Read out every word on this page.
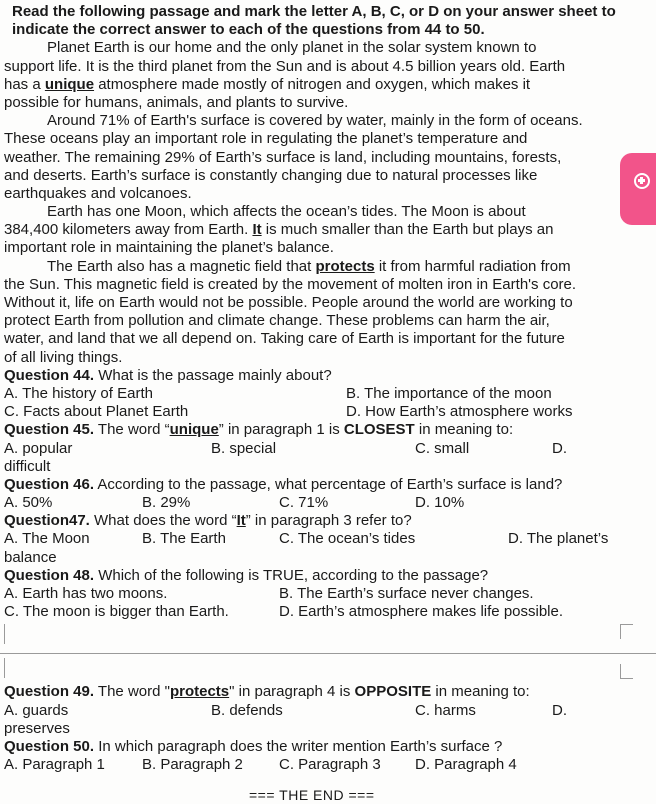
Read the following passage and mark the letter A, B, C, or D on your answer sheet to
indicate the correct answer to each of the questions from 44 to 50.
Planet Earth is our home and the only planet in the solar system known to
support life. It is the third planet from the Sun and is about 4.5 billion years old. Earth
has a unique atmosphere made mostly of nitrogen and oxygen, which makes it
possible for humans, animals, and plants to survive.
Around 71% of Earth's surface is covered by water, mainly in the form of oceans.
These oceans play an important role in regulating the planet’s temperature and
weather. The remaining 29% of Earth’s surface is land, including mountains, forests,
and deserts. Earth’s surface is constantly changing due to natural processes like
earthquakes and volcanoes.
Earth has one Moon, which affects the ocean’s tides. The Moon is about
384,400 kilometers away from Earth. It is much smaller than the Earth but plays an
important role in maintaining the planet’s balance.
The Earth also has a magnetic field that protects it from harmful radiation from
the Sun. This magnetic field is created by the movement of molten iron in Earth's core.
Without it, life on Earth would not be possible. People around the world are working to
protect Earth from pollution and climate change. These problems can harm the air,
water, and land that we all depend on. Taking care of Earth is important for the future
of all living things.
Question 44. What is the passage mainly about?
A. The history of Earth	B. The importance of the moon
C. Facts about Planet Earth	D. How Earth’s atmosphere works
Question 45. The word “unique” in paragraph 1 is CLOSEST in meaning to:
A. popular	B. special	C. small	D.
difficult
Question 46. According to the passage, what percentage of Earth’s surface is land?
A. 50%	B. 29%	C. 71%	D. 10%
Question47. What does the word “It” in paragraph 3 refer to?
A. The Moon	B. The Earth	C. The ocean’s tides	D. The planet’s
balance
Question 48. Which of the following is TRUE, according to the passage?
A. Earth has two moons.	B. The Earth’s surface never changes.
C. The moon is bigger than Earth.	D. Earth’s atmosphere makes life possible.
Question 49. The word "protects" in paragraph 4 is OPPOSITE in meaning to:
A. guards	B. defends	C. harms	D.
preserves
Question 50. In which paragraph does the writer mention Earth’s surface ?
A. Paragraph 1 B. Paragraph 2 C. Paragraph 3 D. Paragraph 4
=== THE END ===
